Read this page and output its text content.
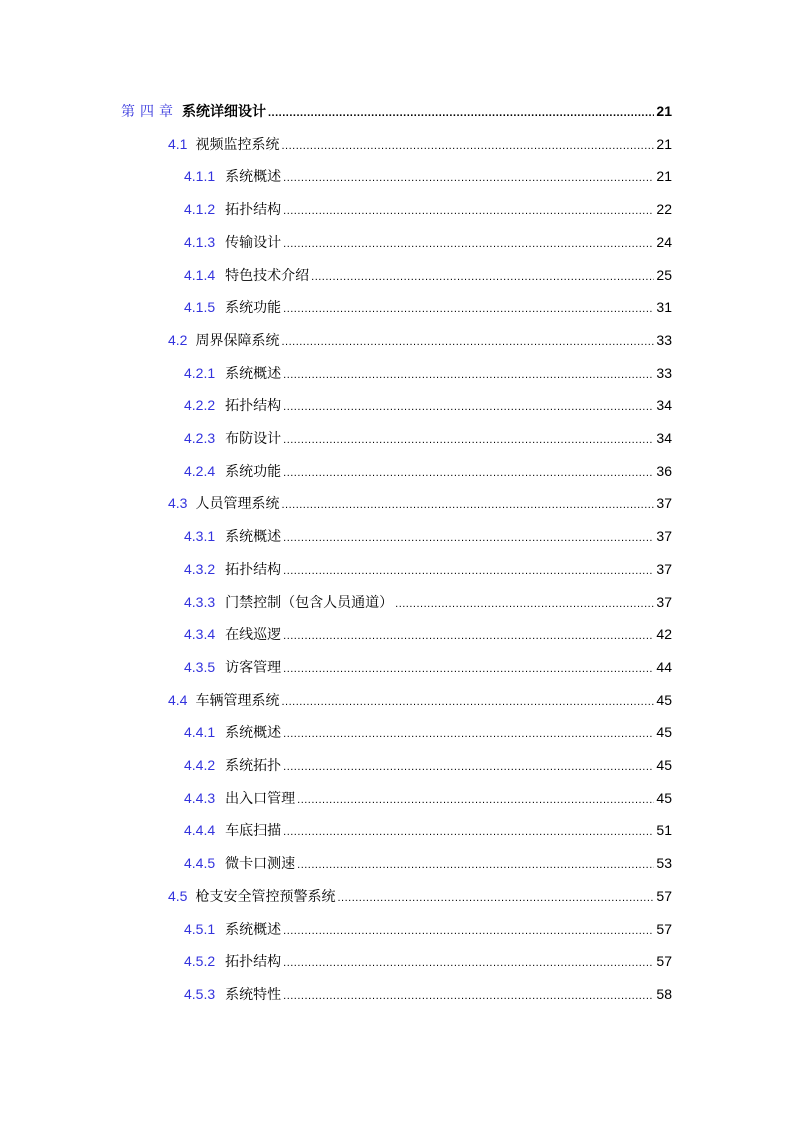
第四章 系统详细设计 .....	21
4.1 视频监控系统 .....	21
4.1.1 系统概述 .....	21
4.1.2 拓扑结构 .....	22
4.1.3 传输设计 .....	24
4.1.4 特色技术介绍 .....	25
4.1.5 系统功能 .....	31
4.2 周界保障系统 .....	33
4.2.1 系统概述 .....	33
4.2.2 拓扑结构 .....	34
4.2.3 布防设计 .....	34
4.2.4 系统功能 .....	36
4.3 人员管理系统 .....	37
4.3.1 系统概述 .....	37
4.3.2 拓扑结构 .....	37
4.3.3 门禁控制（包含人员通道） .....	37
4.3.4 在线巡逻 .....	42
4.3.5 访客管理 .....	44
4.4 车辆管理系统 .....	45
4.4.1 系统概述 .....	45
4.4.2 系统拓扑 .....	45
4.4.3 出入口管理 .....	45
4.4.4 车底扫描 .....	51
4.4.5 微卡口测速 .....	53
4.5 枪支安全管控预警系统 .....	57
4.5.1 系统概述 .....	57
4.5.2 拓扑结构 .....	57
4.5.3 系统特性 .....	58
